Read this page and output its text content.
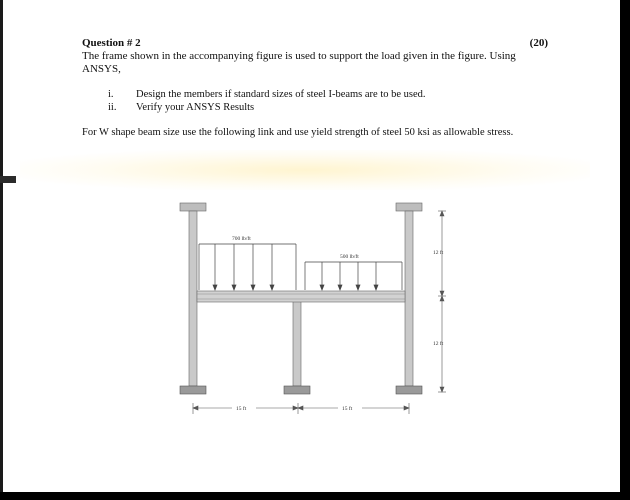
Question # 2	(20)
The frame shown in the accompanying figure is used to support the load given in the figure. Using ANSYS,
i.	Design the members if standard sizes of steel I-beams are to be used.
ii.	Verify your ANSYS Results
For W shape beam size use the following link and use yield strength of steel 50 ksi as allowable stress.
700 lb/ft
500 lb/ft
12 ft
12 ft
15 ft	15 ft
